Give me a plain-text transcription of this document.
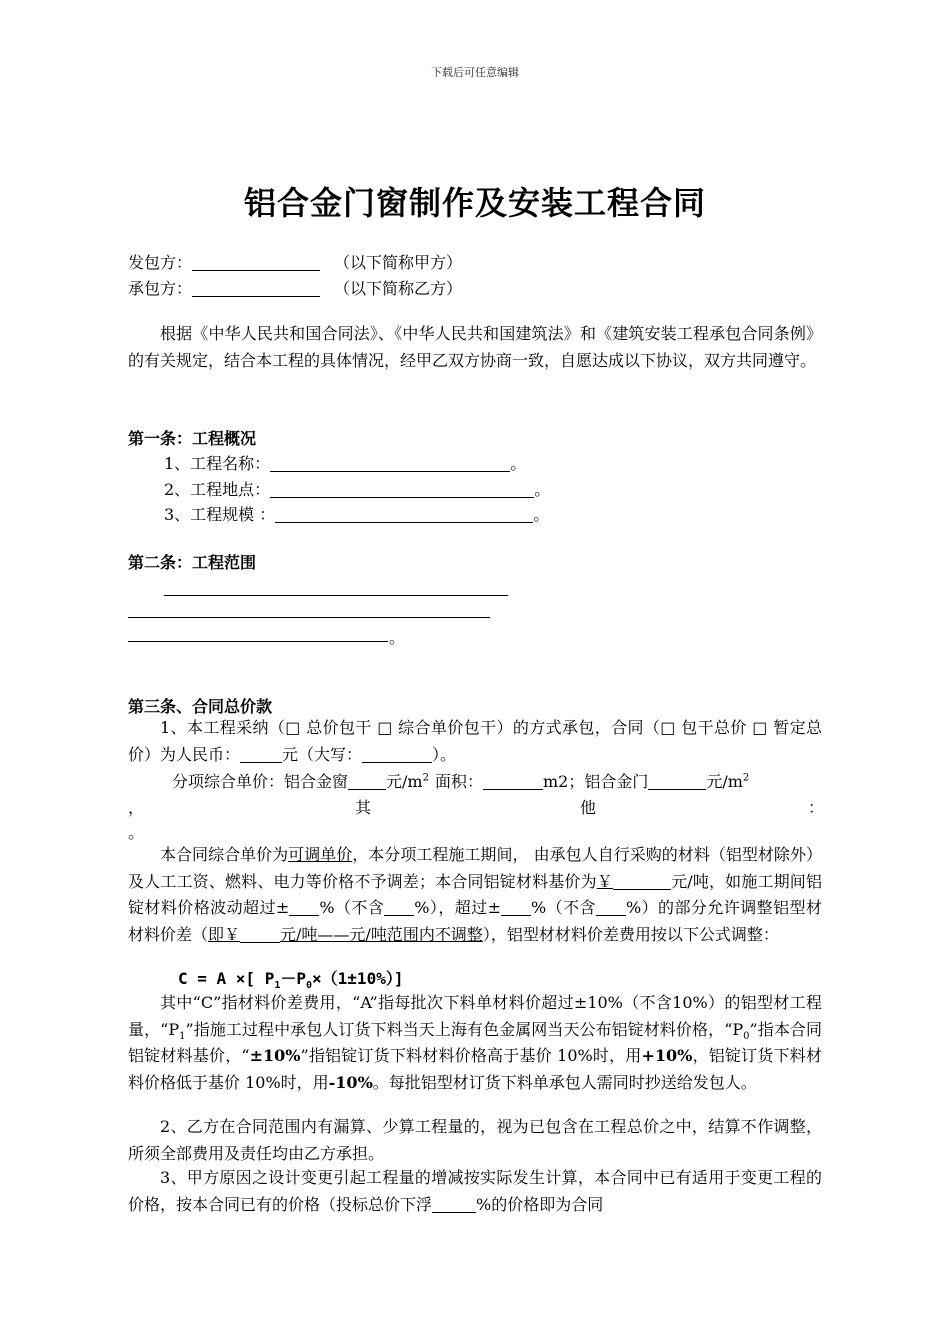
下载后可任意编辑
铝合金门窗制作及安装工程合同
发包方：	（以下简称甲方）
承包方：	（以下简称乙方）
根据《中华人民共和国合同法》、《中华人民共和国建筑法》和《建筑安装工程承包合同条例》的有关规定，结合本工程的具体情况，经甲乙双方协商一致，自愿达成以下协议，双方共同遵守。
第一条：工程概况
1、工程名称：	。
2、工程地点：	。
3、工程规模 ：	。
第二条：工程范围
。
第三条、合同总价款
1、本工程采纳（□ 总价包干 □ 综合单价包干）的方式承包，合同（□ 包干总价 □ 暂定总价）为人民币：	元（大写：	）。
分项综合单价：铝合金窗 元$/m^2$ 面积：	m2；铝合金门	元$/m^2$
，	其	他	：
。
本合同综合单价为可调单价，本分项工程施工期间， 由承包人自行采购的材料（铝型材除外）及人工工资、燃料、电力等价格不予调差；本合同铝锭材料基价为￥	元/吨，如施工期间铝锭材料价格波动超过± %（不含 %），超过± %（不含 %）的部分允许调整铝型材材料价差（即￥	元/吨——元/吨范围内不调整），铝型材材料价差费用按以下公式调整：
C = A ×[ $P_1-P_0\times(1\pm 10\%)$]
其中“C”指材料价差费用，“A”指每批次下料单材料价超过±10%（不含10%）的铝型材工程量，“$P_1$”指施工过程中承包人订货下料当天上海有色金属网当天公布铝锭材料价格，“$P_0$”指本合同铝锭材料基价，“±10%”指铝锭订货下料材料价格高于基价 10%时，用+10%，铝锭订货下料材料价格低于基价 10%时，用-10%。每批铝型材订货下料单承包人需同时抄送给发包人。
2、乙方在合同范围内有漏算、少算工程量的，视为已包含在工程总价之中，结算不作调整，所须全部费用及责任均由乙方承担。
3、甲方原因之设计变更引起工程量的增减按实际发生计算，本合同中已有适用于变更工程的价格，按本合同已有的价格（投标总价下浮	%的价格即为合同
